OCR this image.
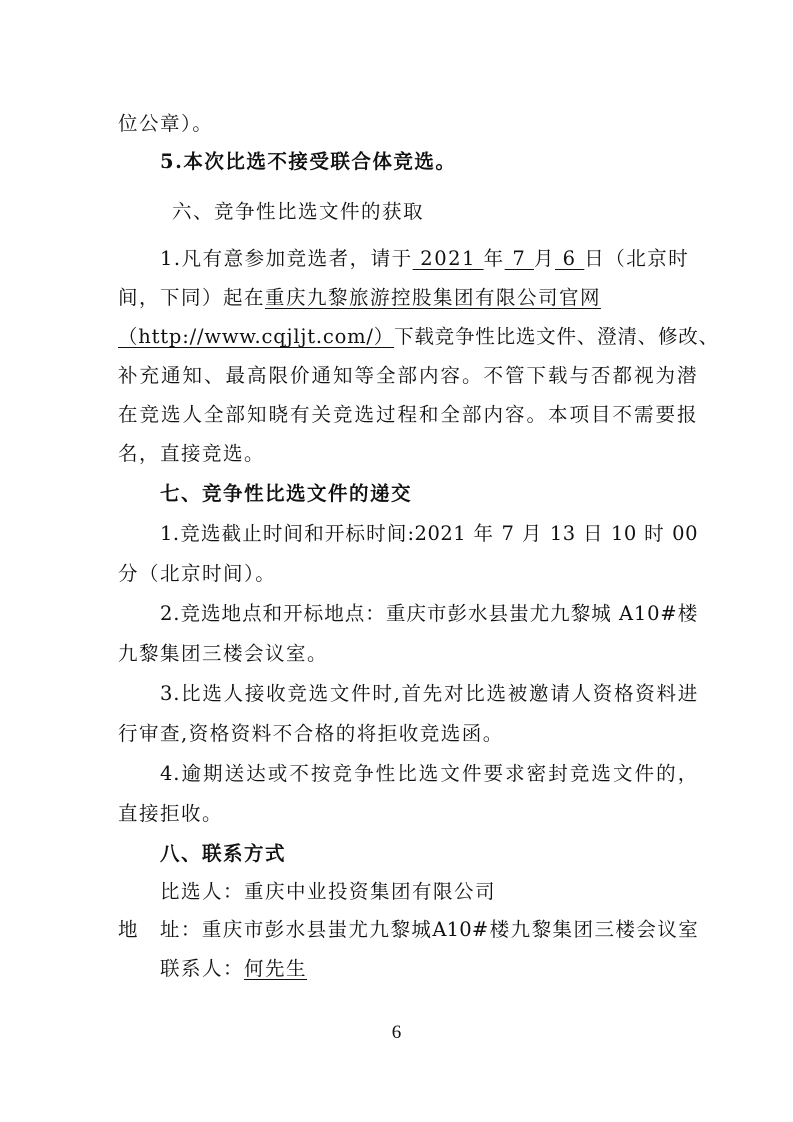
位公章）。
5.本次比选不接受联合体竞选。
六、竞争性比选文件的获取
1.凡有意参加竞选者，请于 2021 年 7 月 6 日（北京时
间，下同）起在重庆九黎旅游控股集团有限公司官网
（http://www.cqjljt.com/）下载竞争性比选文件、澄清、修改、
补充通知、最高限价通知等全部内容。不管下载与否都视为潜
在竞选人全部知晓有关竞选过程和全部内容。本项目不需要报
名，直接竞选。
七、竞争性比选文件的递交
1.竞选截止时间和开标时间:2021 年 7 月 13 日 10 时 00
分（北京时间）。
2.竞选地点和开标地点：重庆市彭水县蚩尤九黎城 A10#楼
九黎集团三楼会议室。
3.比选人接收竞选文件时,首先对比选被邀请人资格资料进
行审查,资格资料不合格的将拒收竞选函。
4.逾期送达或不按竞争性比选文件要求密封竞选文件的，
直接拒收。
八、联系方式
比选人：重庆中业投资集团有限公司
地　址：重庆市彭水县蚩尤九黎城A10#楼九黎集团三楼会议室
联系人：何先生
6
